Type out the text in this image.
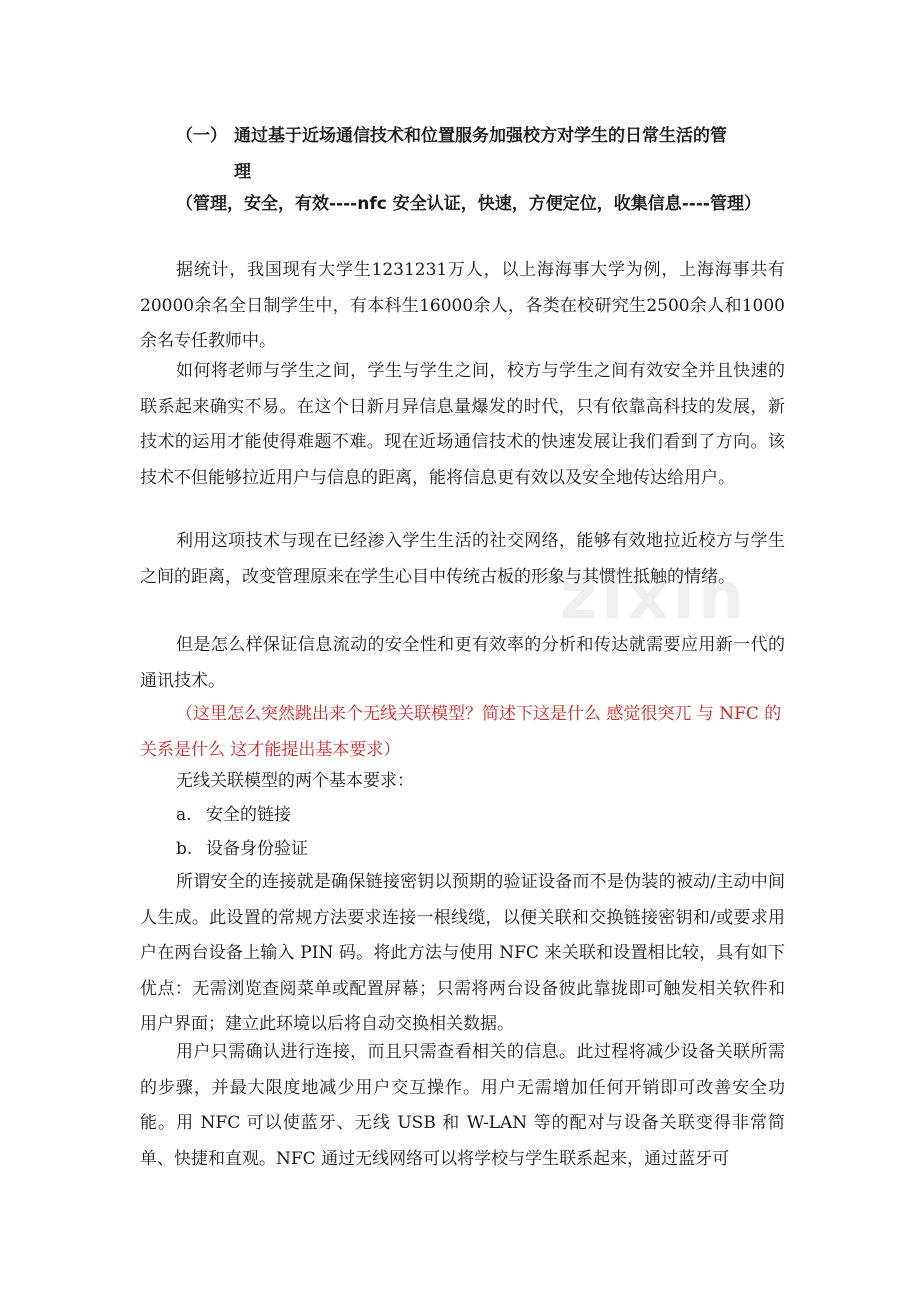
zixin
（一） 通过基于近场通信技术和位置服务加强校方对学生的日常生活的管
理
（管理，安全，有效----nfc 安全认证，快速，方便定位，收集信息----管理）
据统计，我国现有大学生1231231万人，以上海海事大学为例，上海海事共有20000余名全日制学生中，有本科生16000余人，各类在校研究生2500余人和1000余名专任教师中。
如何将老师与学生之间，学生与学生之间，校方与学生之间有效安全并且快速的联系起来确实不易。在这个日新月异信息量爆发的时代，只有依靠高科技的发展，新技术的运用才能使得难题不难。现在近场通信技术的快速发展让我们看到了方向。该技术不但能够拉近用户与信息的距离，能将信息更有效以及安全地传达给用户。
利用这项技术与现在已经渗入学生生活的社交网络，能够有效地拉近校方与学生之间的距离，改变管理原来在学生心目中传统古板的形象与其惯性抵触的情绪。
但是怎么样保证信息流动的安全性和更有效率的分析和传达就需要应用新一代的通讯技术。
（这里怎么突然跳出来个无线关联模型？简述下这是什么 感觉很突兀 与 NFC 的关系是什么 这才能提出基本要求）
无线关联模型的两个基本要求：
a. 安全的链接
b. 设备身份验证
所谓安全的连接就是确保链接密钥以预期的验证设备而不是伪装的被动/主动中间人生成。此设置的常规方法要求连接一根线缆，以便关联和交换链接密钥和/或要求用户在两台设备上输入 PIN 码。将此方法与使用 NFC 来关联和设置相比较，具有如下优点：无需浏览查阅菜单或配置屏幕；只需将两台设备彼此靠拢即可触发相关软件和用户界面；建立此环境以后将自动交换相关数据。
用户只需确认进行连接，而且只需查看相关的信息。此过程将减少设备关联所需的步骤，并最大限度地减少用户交互操作。用户无需增加任何开销即可改善安全功能。用 NFC 可以使蓝牙、无线 USB 和 W-LAN 等的配对与设备关联变得非常简单、快捷和直观。NFC 通过无线网络可以将学校与学生联系起来，通过蓝牙可
